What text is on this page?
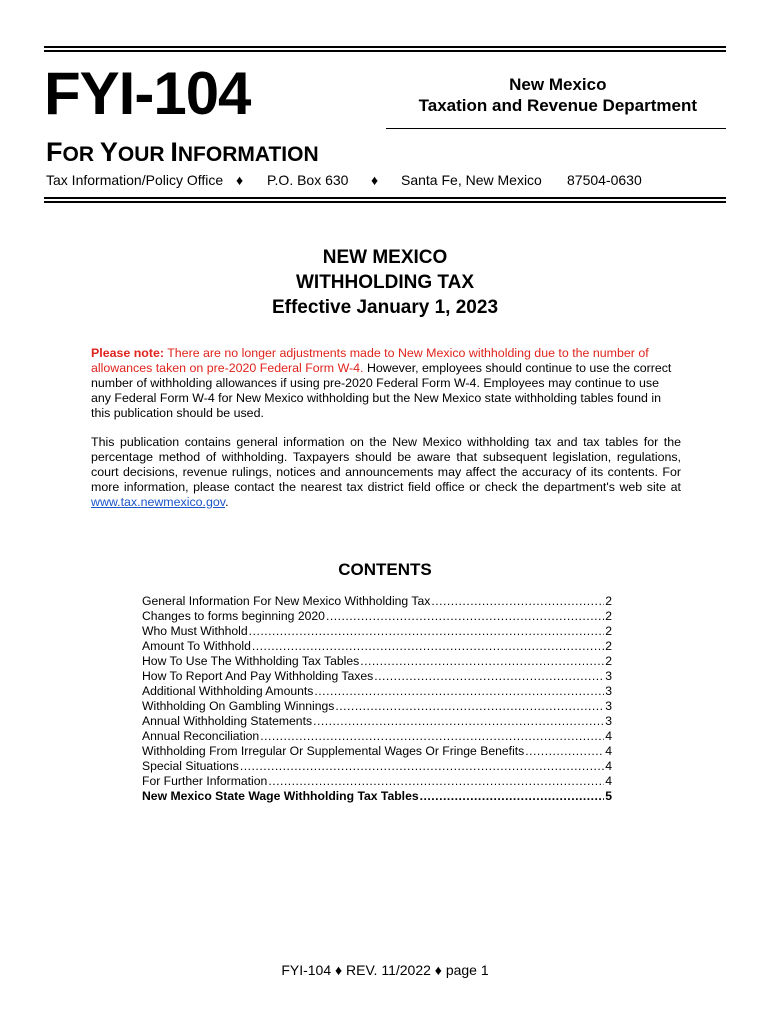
FYI-104	New Mexico
Taxation and Revenue Department
FOR YOUR INFORMATION
Tax Information/Policy Office ♦ P.O. Box 630 ♦ Santa Fe, New Mexico 87504-0630
NEW MEXICO
WITHHOLDING TAX
Effective January 1, 2023
Please note: There are no longer adjustments made to New Mexico withholding due to the number of allowances taken on pre-2020 Federal Form W-4. However, employees should continue to use the correct number of withholding allowances if using pre-2020 Federal Form W-4. Employees may continue to use any Federal Form W-4 for New Mexico withholding but the New Mexico state withholding tables found in this publication should be used.
This publication contains general information on the New Mexico withholding tax and tax tables for the percentage method of withholding. Taxpayers should be aware that subsequent legislation, regulations, court decisions, revenue rulings, notices and announcements may affect the accuracy of its contents. For more information, please contact the nearest tax district field office or check the department's web site at www.tax.newmexico.gov.
CONTENTS
General Information For New Mexico Withholding Tax .....	2
Changes to forms beginning 2020 .....	2
Who Must Withhold .....	2
Amount To Withhold .....	2
How To Use The Withholding Tax Tables .....	2
How To Report And Pay Withholding Taxes .....	3
Additional Withholding Amounts .....	3
Withholding On Gambling Winnings .....	3
Annual Withholding Statements .....	3
Annual Reconciliation .....	4
Withholding From Irregular Or Supplemental Wages Or Fringe Benefits .....	4
Special Situations .....	4
For Further Information .....	4
New Mexico State Wage Withholding Tax Tables .....	5
FYI-104 ♦ REV. 11/2022 ♦ page 1
